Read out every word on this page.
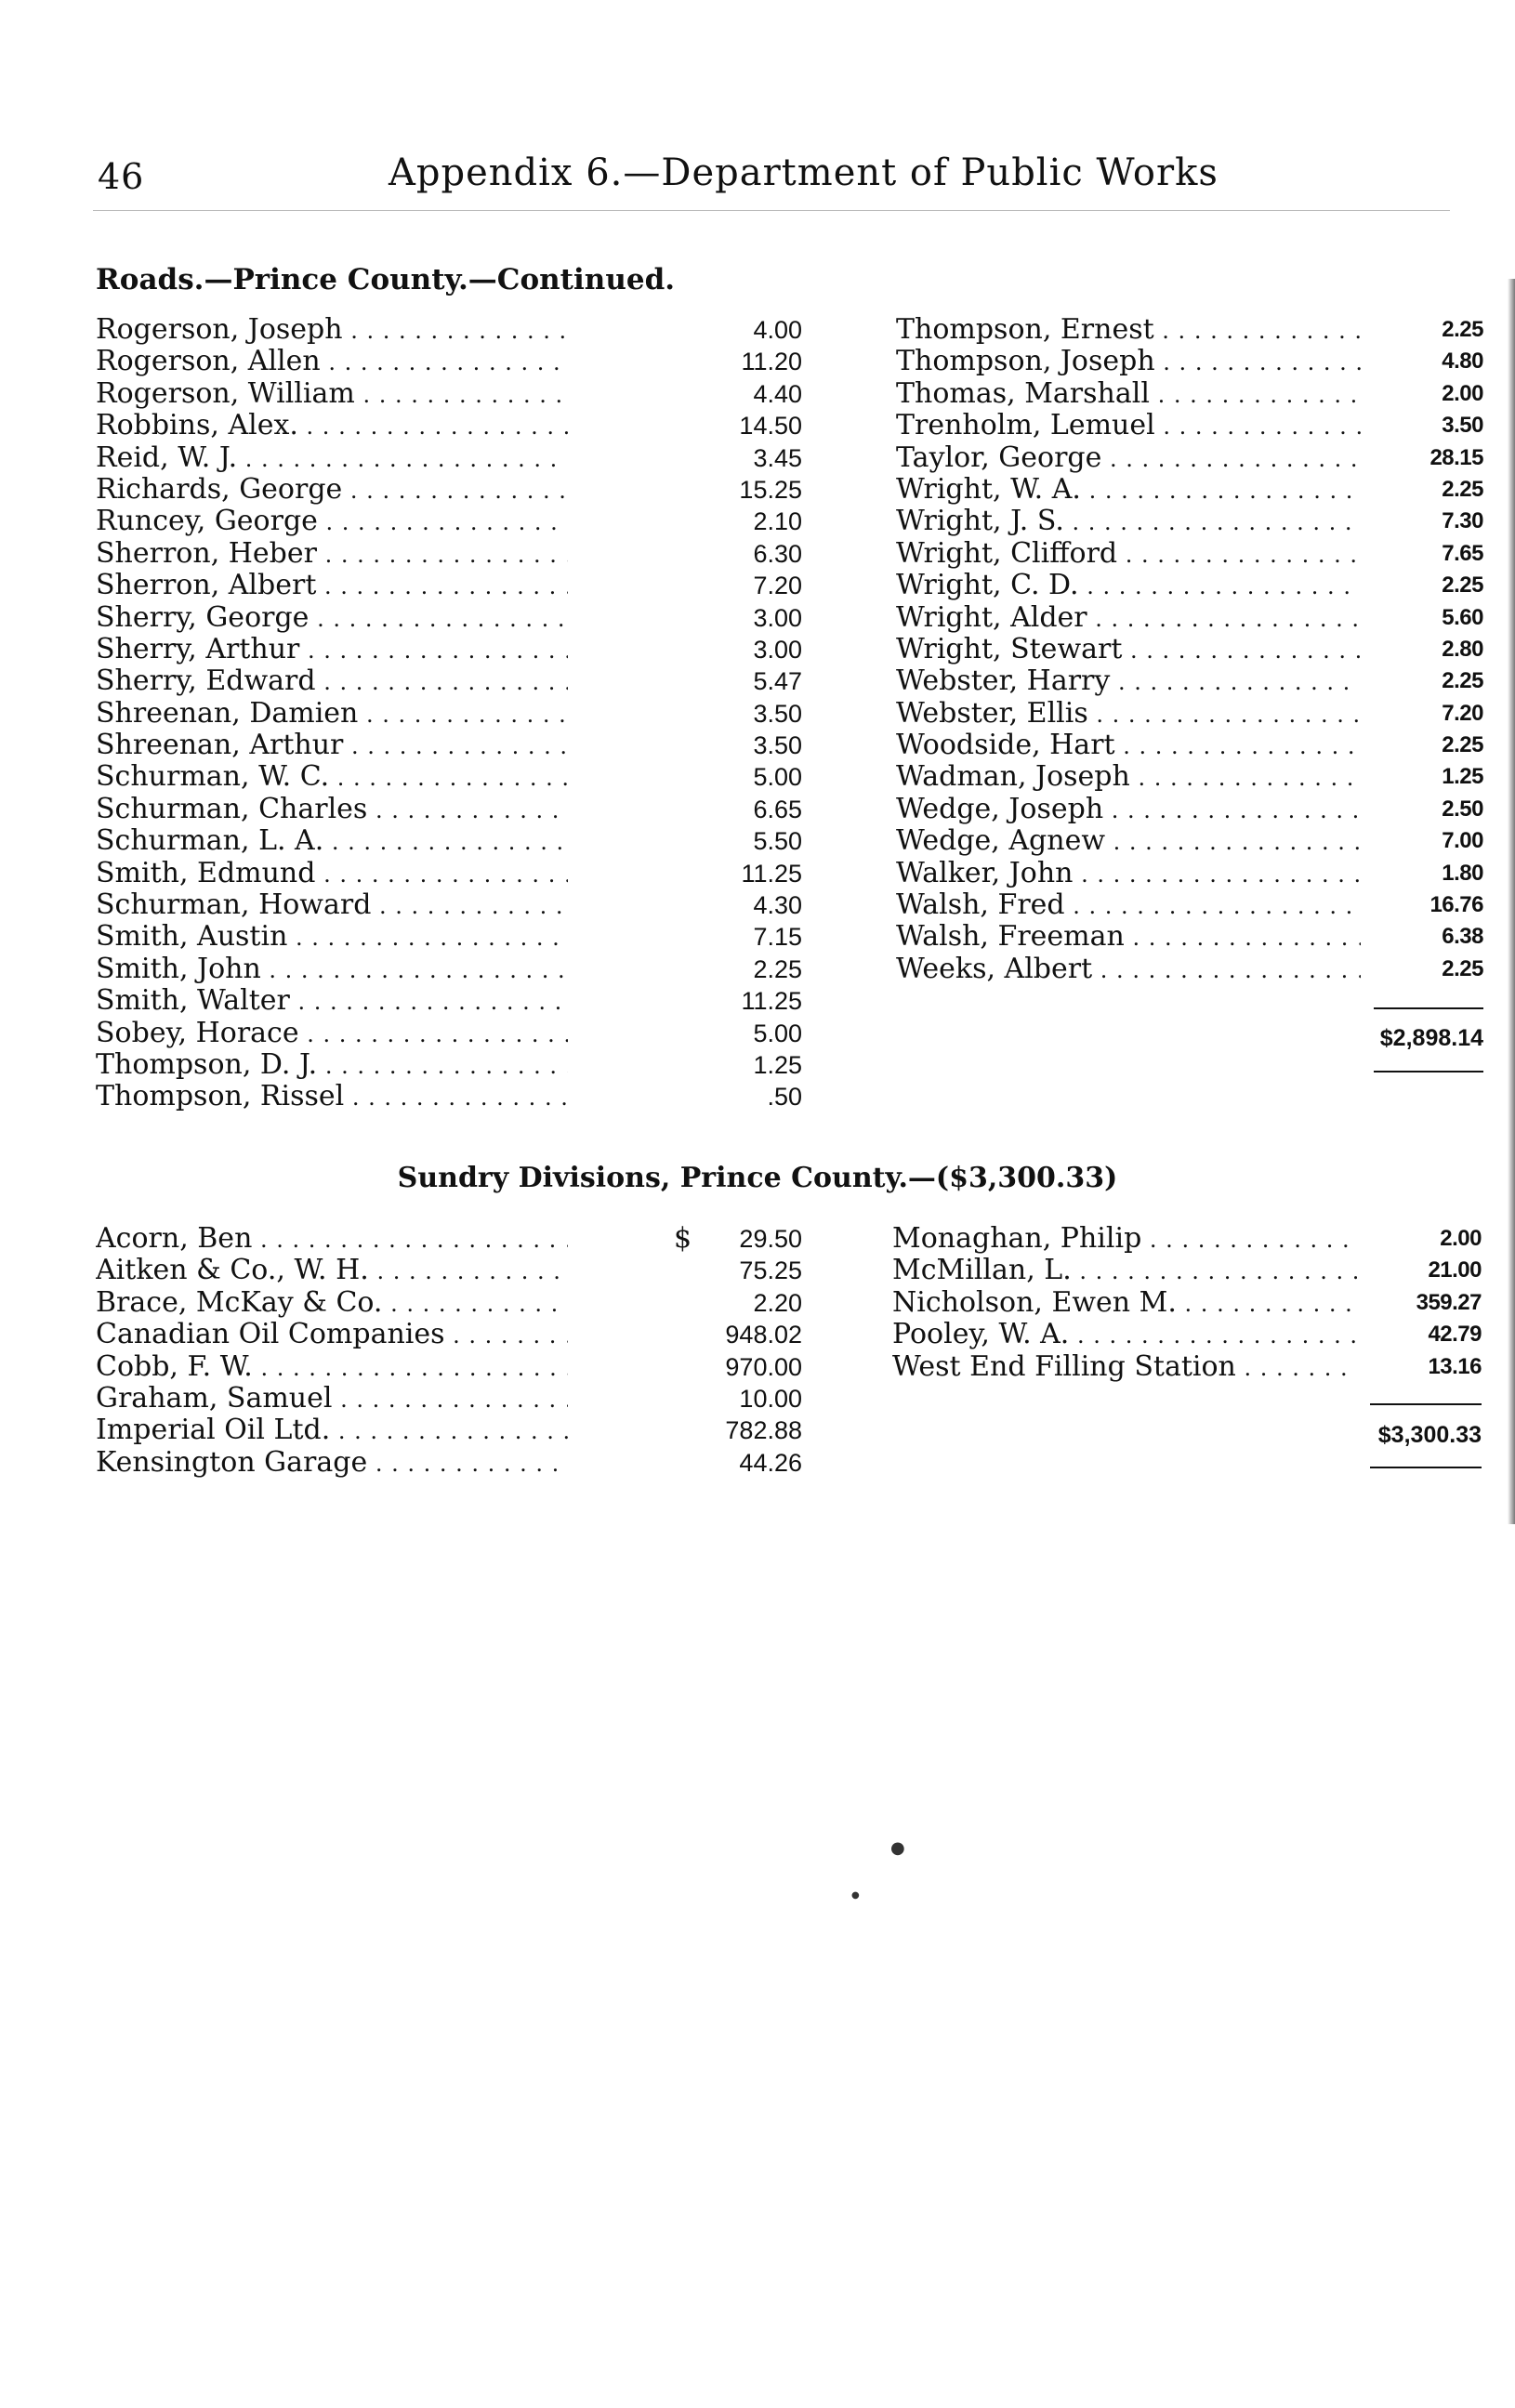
46	Appendix 6.—Department of Public Works
Roads.—Prince County.—Continued.
Rogerson, Joseph . . .	4.00
Rogerson, Allen . . .	11.20
Rogerson, William . . .	4.40
Robbins, Alex. . . .	14.50
Reid, W. J. . . .	3.45
Richards, George . . .	15.25
Runcey, George . . .	2.10
Sherron, Heber . . .	6.30
Sherron, Albert . . .	7.20
Sherry, George . . .	3.00
Sherry, Arthur . . .	3.00
Sherry, Edward . . .	5.47
Shreenan, Damien . . .	3.50
Shreenan, Arthur . . .	3.50
Schurman, W. C. . . .	5.00
Schurman, Charles . . .	6.65
Schurman, L. A. . . .	5.50
Smith, Edmund . . .	11.25
Schurman, Howard . . .	4.30
Smith, Austin . . .	7.15
Smith, John . . .	2.25
Smith, Walter . . .	11.25
Sobey, Horace . . .	5.00
Thompson, D. J. . . .	1.25
Thompson, Rissel . . .	.50
Thompson, Ernest . . .	2.25
Thompson, Joseph . . .	4.80
Thomas, Marshall . . .	2.00
Trenholm, Lemuel . . .	3.50
Taylor, George . . .	28.15
Wright, W. A. . . .	2.25
Wright, J. S. . . .	7.30
Wright, Clifford . . .	7.65
Wright, C. D. . . .	2.25
Wright, Alder . . .	5.60
Wright, Stewart . . .	2.80
Webster, Harry . . .	2.25
Webster, Ellis . . .	7.20
Woodside, Hart . . .	2.25
Wadman, Joseph . . .	1.25
Wedge, Joseph . . .	2.50
Wedge, Agnew . . .	7.00
Walker, John . . .	1.80
Walsh, Fred . . .	16.76
Walsh, Freeman . . .	6.38
Weeks, Albert . . .	2.25
$2,898.14
Sundry Divisions, Prince County.—($3,300.33)
Acorn, Ben . . .	$	29.50
Aitken & Co., W. H. . . .	75.25
Brace, McKay & Co. . . .	2.20
Canadian Oil Companies . . .	948.02
Cobb, F. W. . . .	970.00
Graham, Samuel . . .	10.00
Imperial Oil Ltd. . . .	782.88
Kensington Garage . . .	44.26
Monaghan, Philip . . .	2.00
McMillan, L. . . .	21.00
Nicholson, Ewen M. . . .	359.27
Pooley, W. A. . . .	42.79
West End Filling Station . . .	13.16
$3,300.33
●
●
